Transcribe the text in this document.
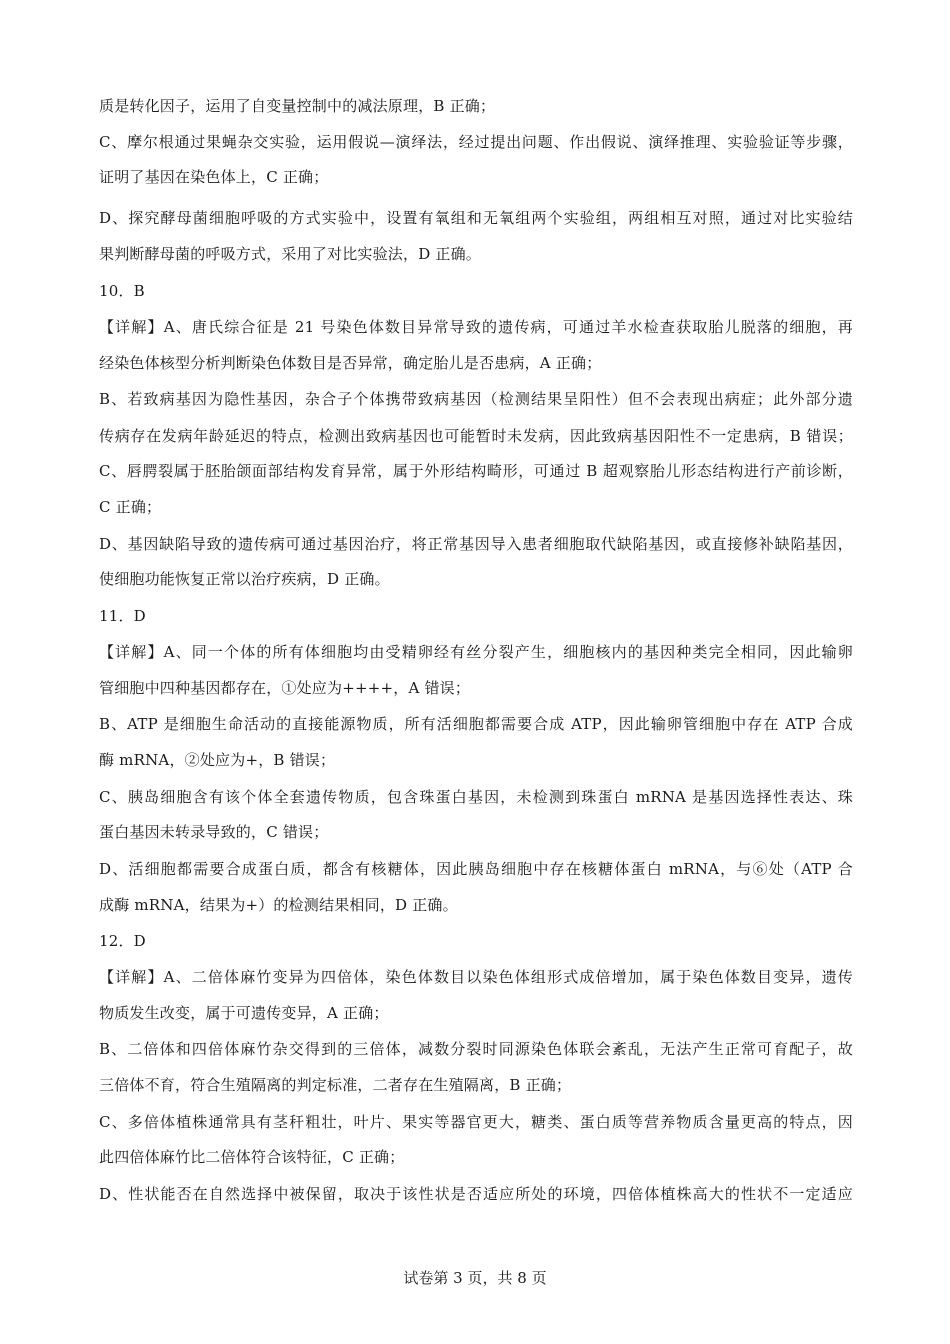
质是转化因子，运用了自变量控制中的减法原理，B 正确；
C、摩尔根通过果蝇杂交实验，运用假说—演绎法，经过提出问题、作出假说、演绎推理、实验验证等步骤，
证明了基因在染色体上，C 正确；
D、探究酵母菌细胞呼吸的方式实验中，设置有氧组和无氧组两个实验组，两组相互对照，通过对比实验结
果判断酵母菌的呼吸方式，采用了对比实验法，D 正确。
10．B
【详解】A、唐氏综合征是 21 号染色体数目异常导致的遗传病，可通过羊水检查获取胎儿脱落的细胞，再
经染色体核型分析判断染色体数目是否异常，确定胎儿是否患病，A 正确；
B、若致病基因为隐性基因，杂合子个体携带致病基因（检测结果呈阳性）但不会表现出病症；此外部分遗
传病存在发病年龄延迟的特点，检测出致病基因也可能暂时未发病，因此致病基因阳性不一定患病，B 错误；
C、唇腭裂属于胚胎颌面部结构发育异常，属于外形结构畸形，可通过 B 超观察胎儿形态结构进行产前诊断，
C 正确；
D、基因缺陷导致的遗传病可通过基因治疗，将正常基因导入患者细胞取代缺陷基因，或直接修补缺陷基因，
使细胞功能恢复正常以治疗疾病，D 正确。
11．D
【详解】A、同一个体的所有体细胞均由受精卵经有丝分裂产生，细胞核内的基因种类完全相同，因此输卵
管细胞中四种基因都存在，①处应为++++，A 错误；
B、ATP 是细胞生命活动的直接能源物质，所有活细胞都需要合成 ATP，因此输卵管细胞中存在 ATP 合成
酶 mRNA，②处应为+，B 错误；
C、胰岛细胞含有该个体全套遗传物质，包含珠蛋白基因，未检测到珠蛋白 mRNA 是基因选择性表达、珠
蛋白基因未转录导致的，C 错误；
D、活细胞都需要合成蛋白质，都含有核糖体，因此胰岛细胞中存在核糖体蛋白 mRNA，与⑥处（ATP 合
成酶 mRNA，结果为+）的检测结果相同，D 正确。
12．D
【详解】A、二倍体麻竹变异为四倍体，染色体数目以染色体组形式成倍增加，属于染色体数目变异，遗传
物质发生改变，属于可遗传变异，A 正确；
B、二倍体和四倍体麻竹杂交得到的三倍体，减数分裂时同源染色体联会紊乱，无法产生正常可育配子，故
三倍体不育，符合生殖隔离的判定标准，二者存在生殖隔离，B 正确；
C、多倍体植株通常具有茎秆粗壮，叶片、果实等器官更大，糖类、蛋白质等营养物质含量更高的特点，因
此四倍体麻竹比二倍体符合该特征，C 正确；
D、性状能否在自然选择中被保留，取决于该性状是否适应所处的环境，四倍体植株高大的性状不一定适应
试卷第 3 页，共 8 页
